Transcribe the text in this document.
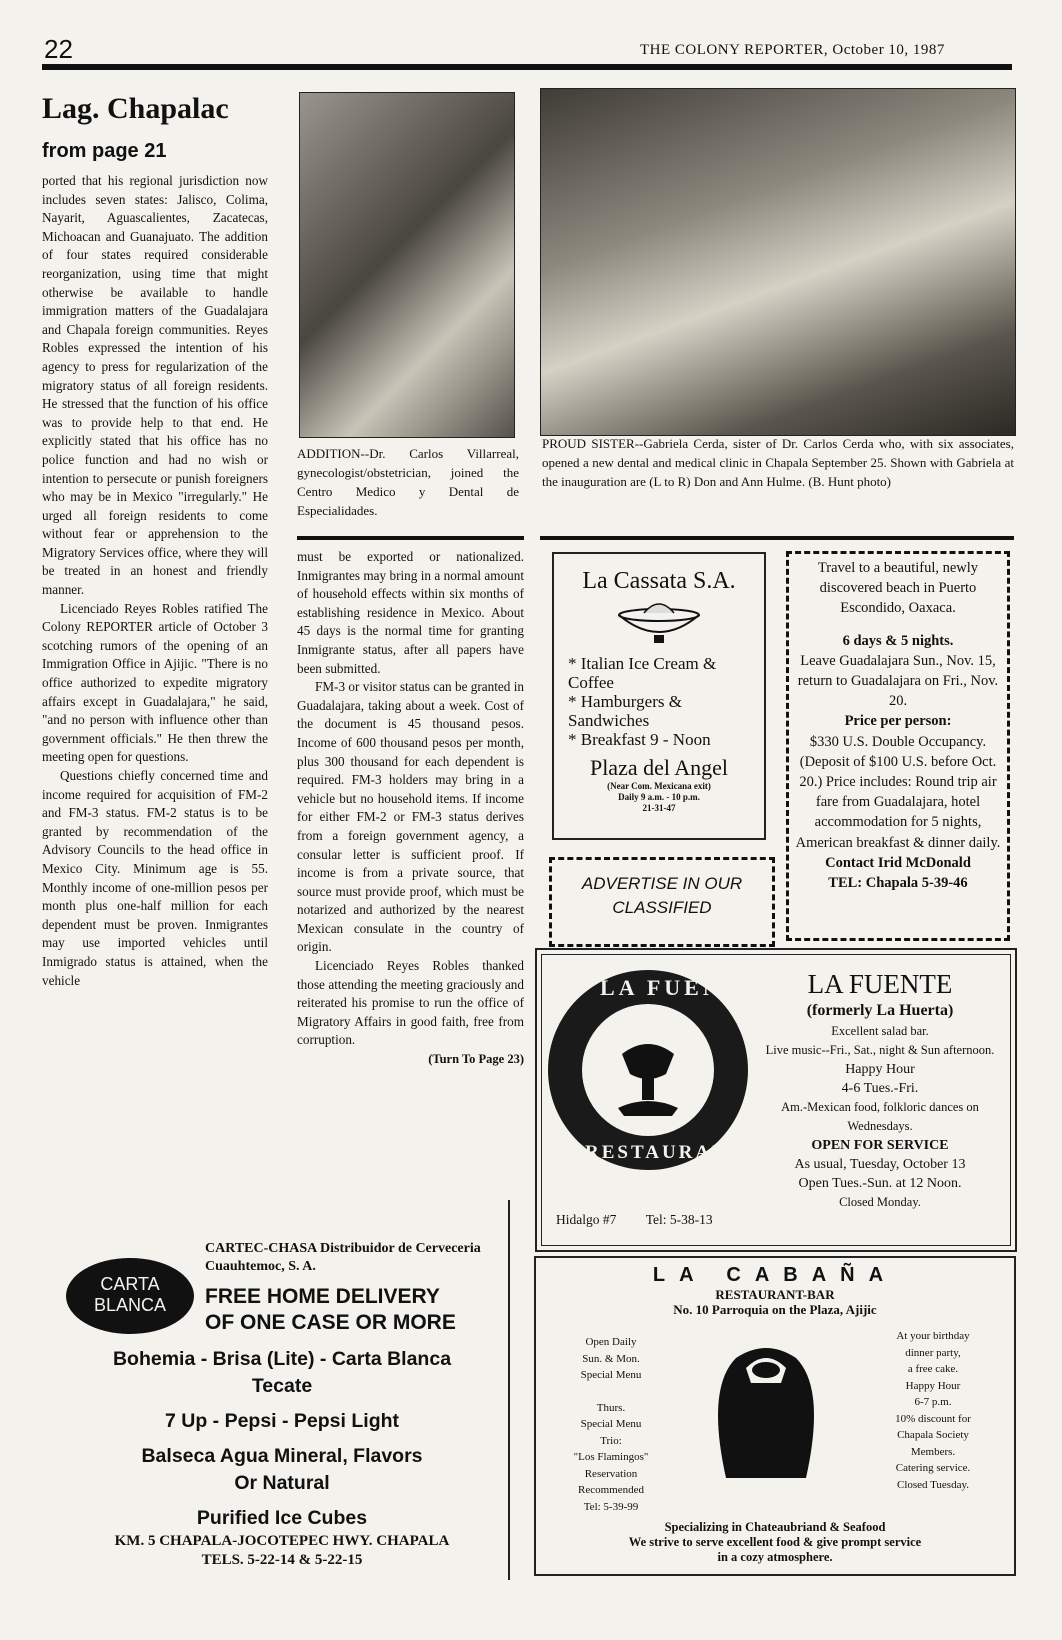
22	THE COLONY REPORTER, October 10, 1987
Lag. Chapalac
from page 21

ported that his regional jurisdiction now includes seven states: Jalisco, Colima, Nayarit, Aguascalientes, Zacatecas, Michoacan and Guanajuato. The addition of four states required considerable reorganization, using time that might otherwise be available to handle immigration matters of the Guadalajara and Chapala foreign communities. Reyes Robles expressed the intention of his agency to press for regularization of the migratory status of all foreign residents. He stressed that the function of his office was to provide help to that end. He explicitly stated that his office has no police function and had no wish or intention to persecute or punish foreigners who may be in Mexico "irregularly." He urged all foreign residents to come without fear or apprehension to the Migratory Services office, where they will be treated in an honest and friendly manner.

Licenciado Reyes Robles ratified The Colony REPORTER article of October 3 scotching rumors of the opening of an Immigration Office in Ajijic. "There is no office authorized to expedite migratory affairs except in Guadalajara," he said, "and no person with influence other than government officials." He then threw the meeting open for questions.

Questions chiefly concerned time and income required for acquisition of FM-2 and FM-3 status. FM-2 status is to be granted by recommendation of the Advisory Councils to the head office in Mexico City. Minimum age is 55. Monthly income of one-million pesos per month plus one-half million for each dependent must be proven. Inmigrantes may use imported vehicles until Inmigrado status is attained, when the vehicle

must be exported or nationalized. Inmigrantes may bring in a normal amount of household effects within six months of establishing residence in Mexico. About 45 days is the normal time for granting Inmigrante status, after all papers have been submitted.

FM-3 or visitor status can be granted in Guadalajara, taking about a week. Cost of the document is 45 thousand pesos. Income of 600 thousand pesos per month, plus 300 thousand for each dependent is required. FM-3 holders may bring in a vehicle but no household items. If income for either FM-2 or FM-3 status derives from a foreign government agency, a consular letter is sufficient proof. If income is from a private source, that source must provide proof, which must be notarized and authorized by the nearest Mexican consulate in the country of origin.

Licenciado Reyes Robles thanked those attending the meeting graciously and reiterated his promise to run the office of Migratory Affairs in good faith, free from corruption.

(Turn To Page 23)

ADDITION--Dr. Carlos Villarreal, gynecologist/obstetrician, joined the Centro Medico y Dental de Especialidades.
PROUD SISTER--Gabriela Cerda, sister of Dr. Carlos Cerda who, with six associates, opened a new dental and medical clinic in Chapala September 25. Shown with Gabriela at the inauguration are (L to R) Don and Ann Hulme. (B. Hunt photo)
La Cassata S.A.
* Italian Ice Cream & Coffee
* Hamburgers & Sandwiches
* Breakfast 9 - Noon
Plaza del Angel
(Near Com. Mexicana exit)
Daily 9 a.m. - 10 p.m.
21-31-47
ADVERTISE IN OUR
CLASSIFIED
Travel to a beautiful, newly discovered beach in Puerto Escondido, Oaxaca.
6 days & 5 nights.
Leave Guadalajara Sun., Nov. 15, return to Guadalajara on Fri., Nov. 20.
Price per person:
$330 U.S. Double Occupancy. (Deposit of $100 U.S. before Oct. 20.) Price includes: Round trip air fare from Guadalajara, hotel accommodation for 5 nights, American breakfast & dinner daily.
Contact Irid McDonald
TEL: Chapala 5-39-46
LA FUENTE
RESTAURANT
LA FUENTE
(formerly La Huerta)
Excellent salad bar.
Live music--Fri., Sat., night & Sun afternoon.
Happy Hour
4-6 Tues.-Fri.
Am.-Mexican food, folkloric dances on Wednesdays.
OPEN FOR SERVICE
As usual, Tuesday, October 13
Open Tues.-Sun. at 12 Noon.
Closed Monday.
Hidalgo #7 Tel: 5-38-13
CARTA BLANCA
CARTEC-CHASA Distribuidor de Cerveceria Cuauhtemoc, S. A.
FREE HOME DELIVERY
OF ONE CASE OR MORE
Bohemia - Brisa (Lite) - Carta Blanca
Tecate
7 Up - Pepsi - Pepsi Light
Balseca Agua Mineral, Flavors
Or Natural
Purified Ice Cubes
KM. 5 CHAPALA-JOCOTEPEC HWY. CHAPALA
TELS. 5-22-14 & 5-22-15
LA CABAÑA
RESTAURANT-BAR
No. 10 Parroquia on the Plaza, Ajijic
Open Daily
Sun. & Mon.
Special Menu
Thurs.
Special Menu
Trio:
"Los Flamingos"
Reservation
Recommended
Tel: 5-39-99
At your birthday
dinner party,
a free cake.
Happy Hour
6-7 p.m.
10% discount for
Chapala Society
Members.
Catering service.
Closed Tuesday.
Specializing in Chateaubriand & Seafood
We strive to serve excellent food & give prompt service
in a cozy atmosphere.
